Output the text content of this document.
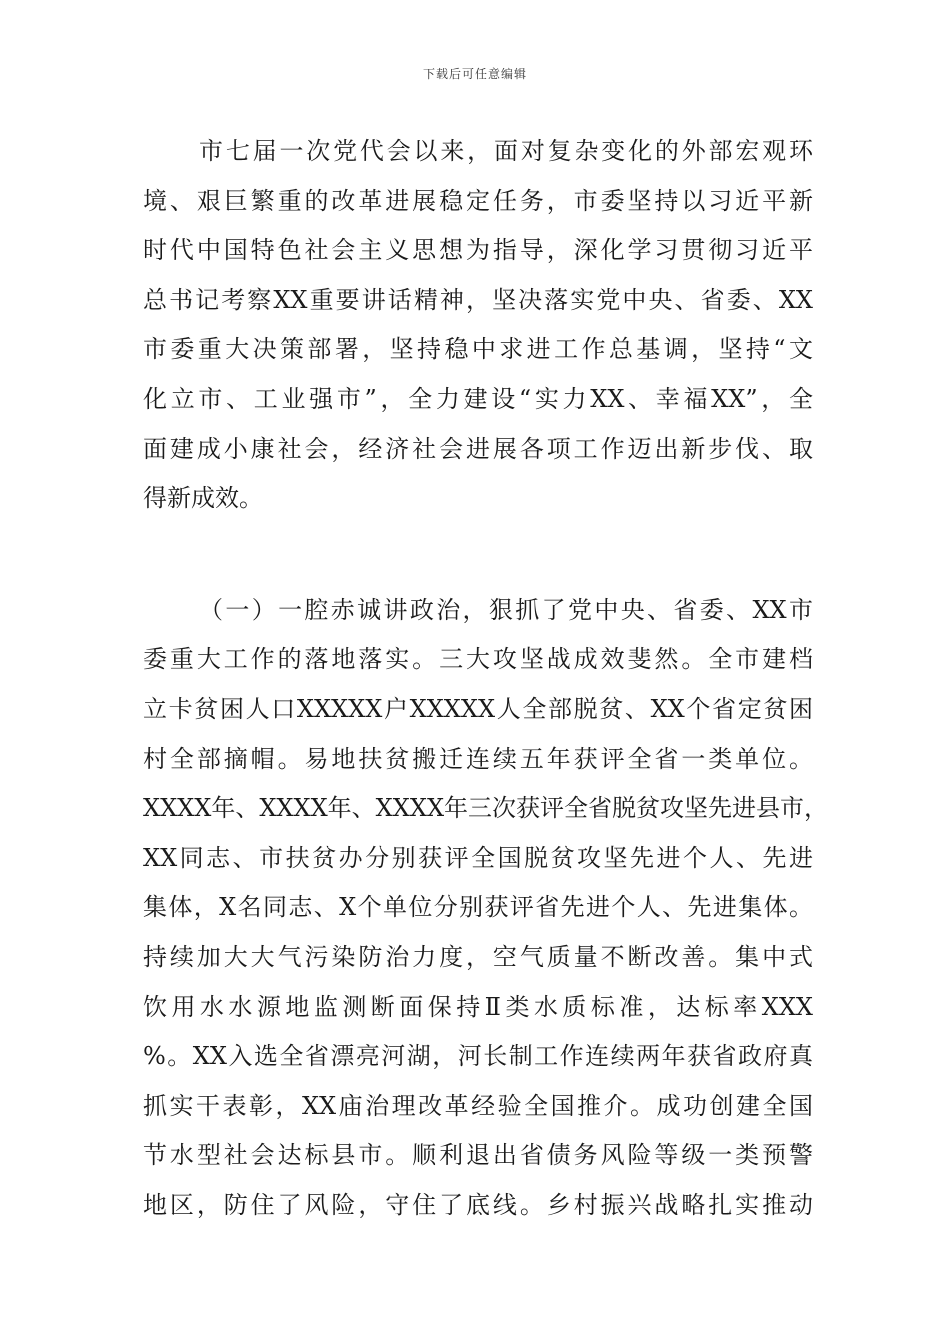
下载后可任意编辑
市七届一次党代会以来，面对复杂变化的外部宏观环
境、艰巨繁重的改革进展稳定任务，市委坚持以习近平新
时代中国特色社会主义思想为指导，深化学习贯彻习近平
总书记考察XX重要讲话精神，坚决落实党中央、省委、XX
市委重大决策部署，坚持稳中求进工作总基调，坚持“文
化立市、工业强市”，全力建设“实力XX、幸福XX”，全
面建成小康社会，经济社会进展各项工作迈出新步伐、取
得新成效。
（一）一腔赤诚讲政治，狠抓了党中央、省委、XX市
委重大工作的落地落实。三大攻坚战成效斐然。全市建档
立卡贫困人口XXXXX户XXXXX人全部脱贫、XX个省定贫困
村全部摘帽。易地扶贫搬迁连续五年获评全省一类单位。
XXXX年、XXXX年、XXXX年三次获评全省脱贫攻坚先进县市，
XX同志、市扶贫办分别获评全国脱贫攻坚先进个人、先进
集体，X名同志、X个单位分别获评省先进个人、先进集体。
持续加大大气污染防治力度，空气质量不断改善。集中式
饮用水水源地监测断面保持Ⅱ类水质标准，达标率XXX
%。XX入选全省漂亮河湖，河长制工作连续两年获省政府真
抓实干表彰，XX庙治理改革经验全国推介。成功创建全国
节水型社会达标县市。顺利退出省债务风险等级一类预警
地区，防住了风险，守住了底线。乡村振兴战略扎实推动
